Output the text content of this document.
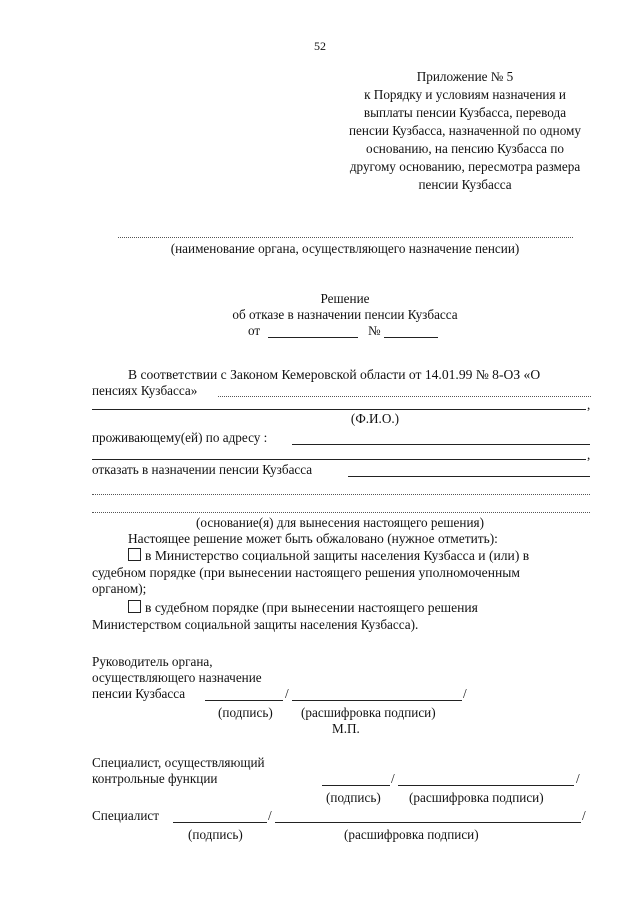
52
Приложение № 5
к Порядку и условиям назначения и
выплаты пенсии Кузбасса, перевода
пенсии Кузбасса, назначенной по одному
основанию, на пенсию Кузбасса по
другому основанию, пересмотра размера
пенсии Кузбасса
(наименование органа, осуществляющего назначение пенсии)
Решение
об отказе в назначении пенсии Кузбасса
от	№
В соответствии с Законом Кемеровской области от 14.01.99 № 8-ОЗ «О
пенсиях Кузбасса»
,
(Ф.И.О.)
проживающему(ей) по адресу :
,
отказать в назначении пенсии Кузбасса
(основание(я) для вынесения настоящего решения)
Настоящее решение может быть обжаловано (нужное отметить):
в Министерство социальной защиты населения Кузбасса и (или) в
судебном порядке (при вынесении настоящего решения уполномоченным
органом);
в судебном порядке (при вынесении настоящего решения
Министерством социальной защиты населения Кузбасса).
Руководитель органа,
осуществляющего назначение
пенсии Кузбасса	/	/
(подпись) (расшифровка подписи)
М.П.
Специалист, осуществляющий
контрольные функции	/	/
(подпись) (расшифровка подписи)
Специалист	/	/
(подпись)	(расшифровка подписи)
